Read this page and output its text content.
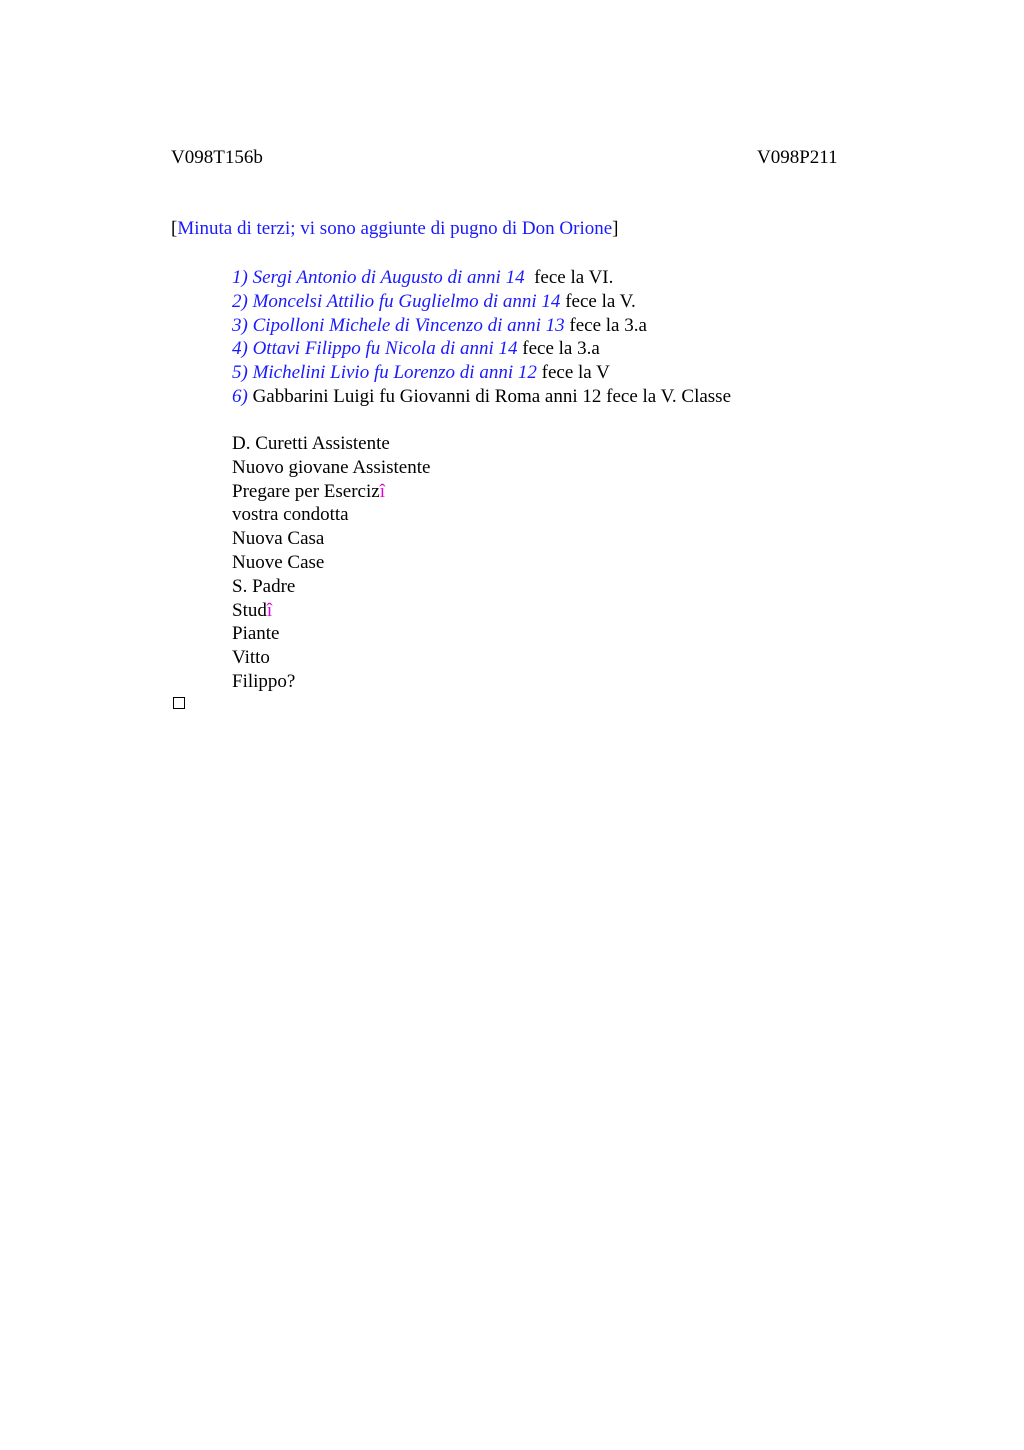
V098T156b	V098P211
[Minuta di terzi; vi sono aggiunte di pugno di Don Orione]
1) Sergi Antonio di Augusto di anni 14  fece la VI.
2) Moncelsi Attilio fu Guglielmo di anni 14 fece la V.
3) Cipolloni Michele di Vincenzo di anni 13 fece la 3.a
4) Ottavi Filippo fu Nicola di anni 14 fece la 3.a
5) Michelini Livio fu Lorenzo di anni 12 fece la V
6) Gabbarini Luigi fu Giovanni di Roma anni 12 fece la V. Classe
D. Curetti Assistente
Nuovo giovane Assistente
Pregare per Esercizî
vostra condotta
Nuova Casa
Nuove Case
S. Padre
Studî
Piante
Vitto
Filippo?
